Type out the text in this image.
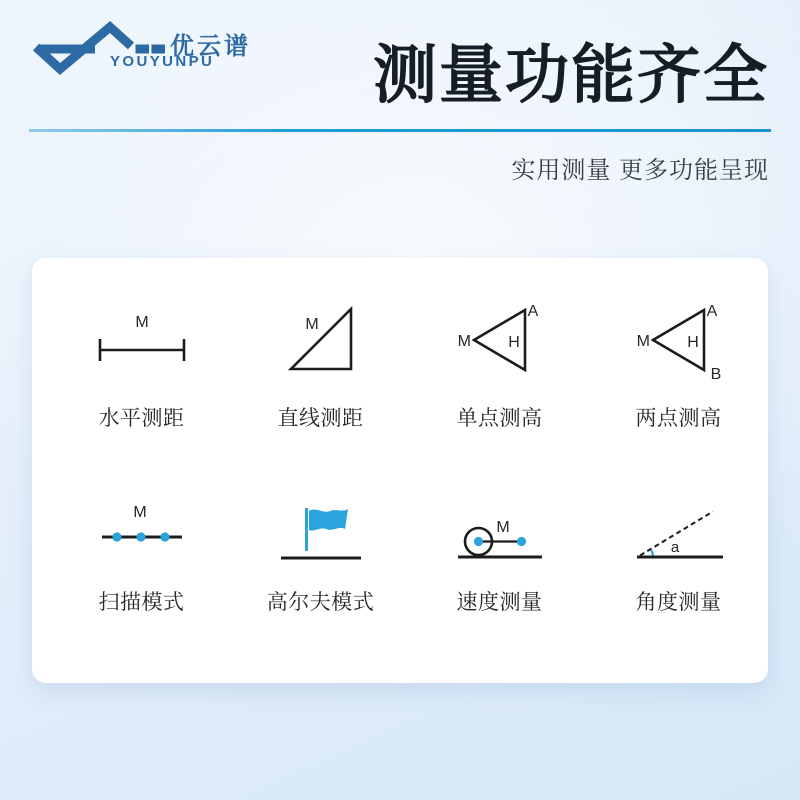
优云谱
YOUYUNPU 测量功能齐全
实用测量 更多功能呈现
M
水平测距
M
直线测距
M
A
H
单点测高
M
A
H
B
两点测高
M
扫描模式	高尔夫模式
M
速度测量
a
角度测量
